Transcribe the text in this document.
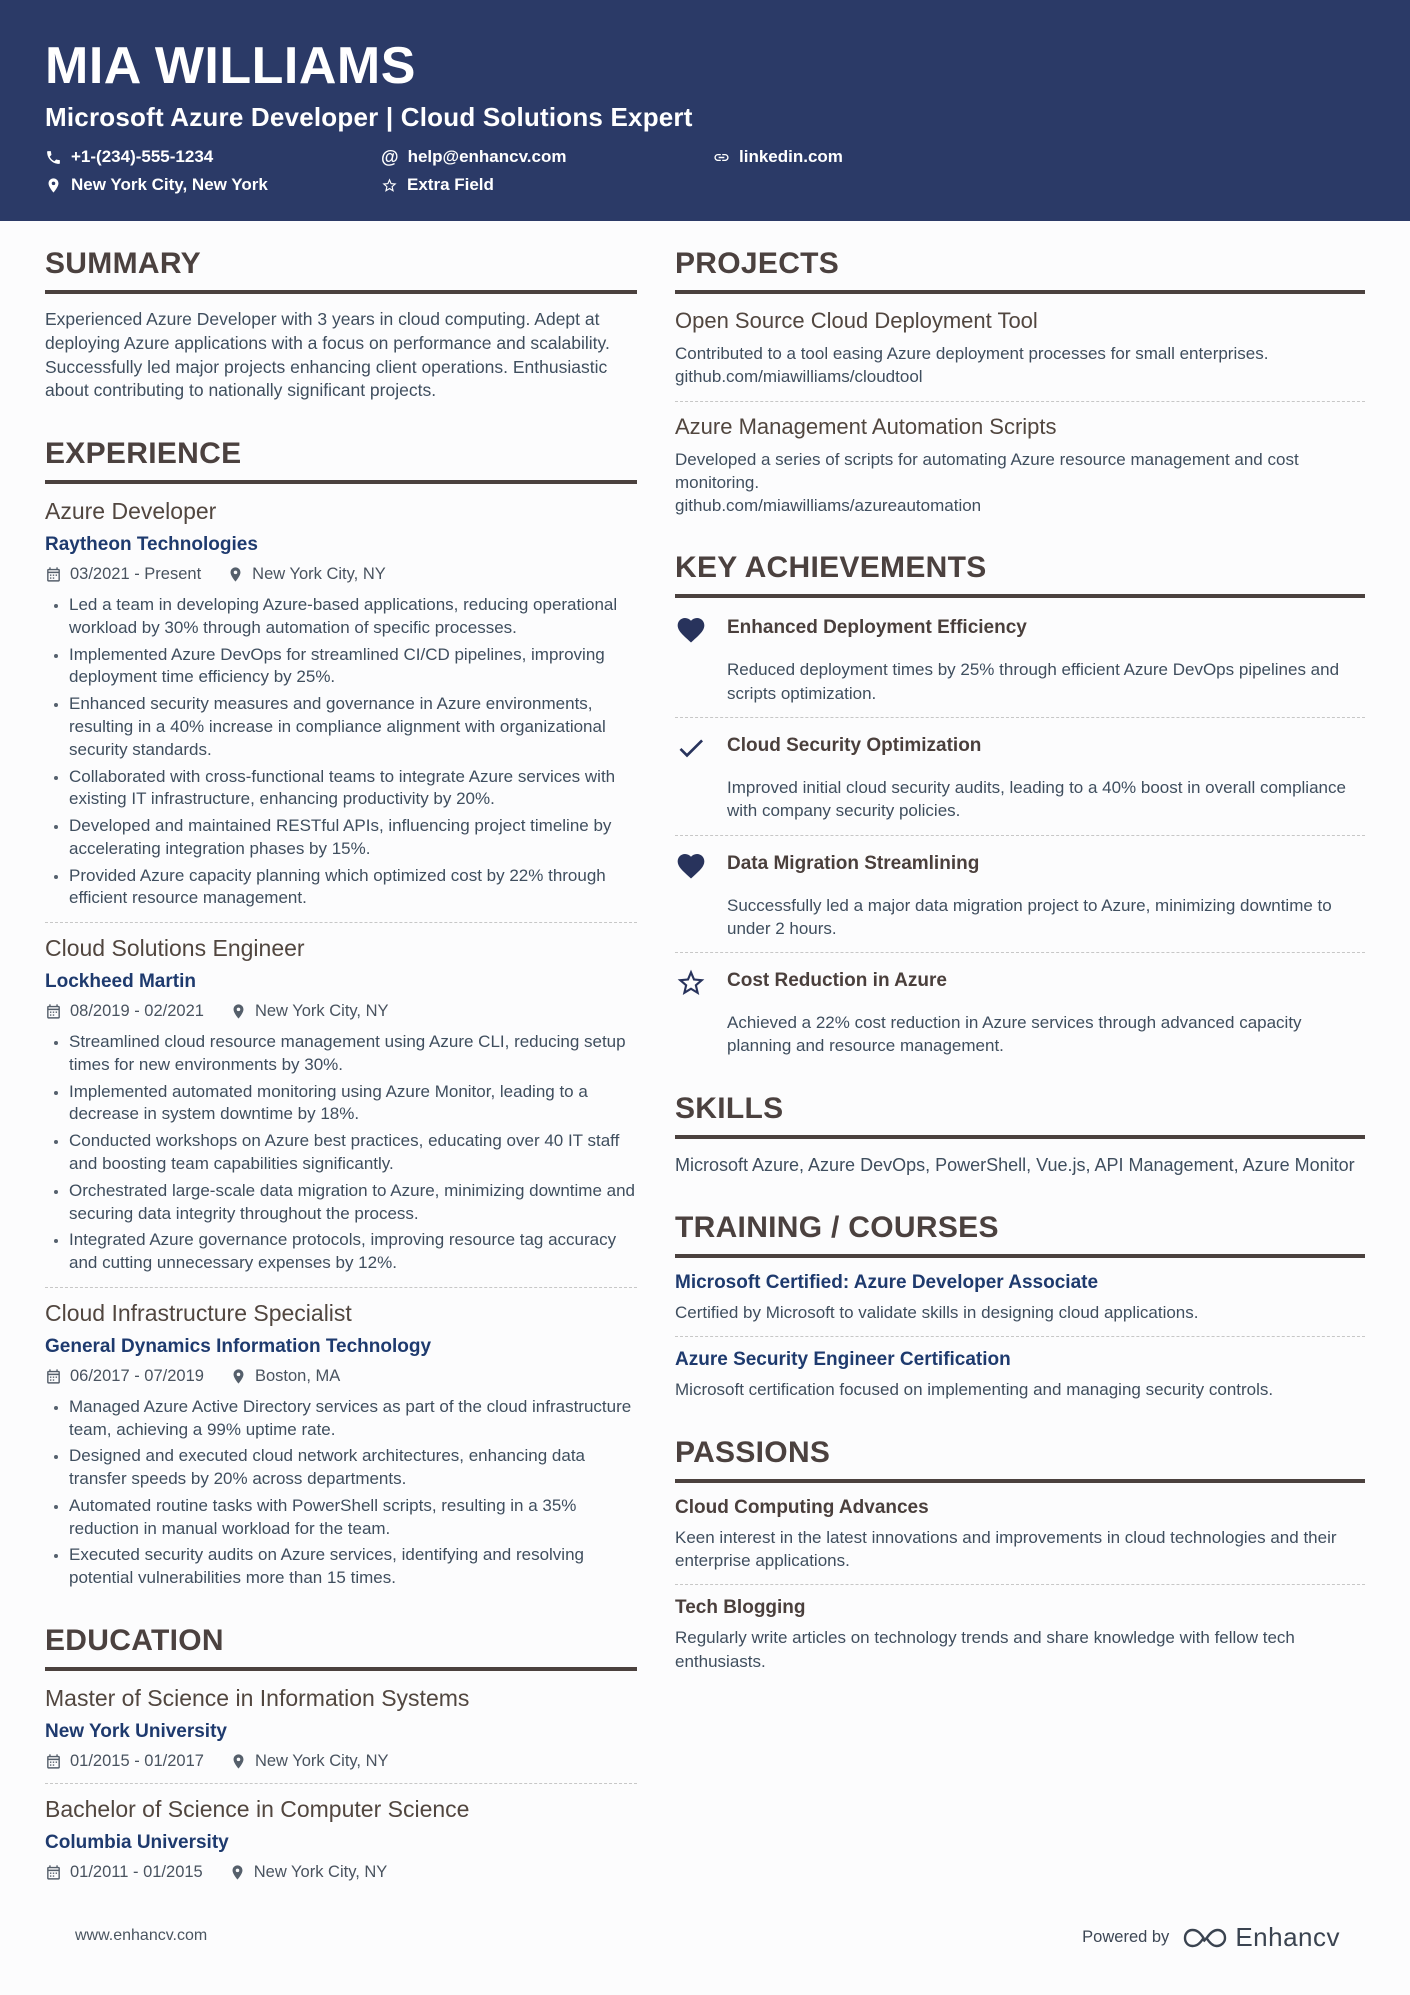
MIA WILLIAMS
Microsoft Azure Developer | Cloud Solutions Expert
+1-(234)-555-1234	@ help@enhancv.com	linkedin.com
New York City, New York	Extra Field
SUMMARY

Experienced Azure Developer with 3 years in cloud computing. Adept at deploying Azure applications with a focus on performance and scalability. Successfully led major projects enhancing client operations. Enthusiastic about contributing to nationally significant projects.

EXPERIENCE
Azure Developer
Raytheon Technologies
03/2021 - Present	New York City, NY
• Led a team in developing Azure-based applications, reducing operational workload by 30% through automation of specific processes.
• Implemented Azure DevOps for streamlined CI/CD pipelines, improving deployment time efficiency by 25%.
• Enhanced security measures and governance in Azure environments, resulting in a 40% increase in compliance alignment with organizational security standards.
• Collaborated with cross-functional teams to integrate Azure services with existing IT infrastructure, enhancing productivity by 20%.
• Developed and maintained RESTful APIs, influencing project timeline by accelerating integration phases by 15%.
• Provided Azure capacity planning which optimized cost by 22% through efficient resource management.
Cloud Solutions Engineer
Lockheed Martin
08/2019 - 02/2021	New York City, NY
• Streamlined cloud resource management using Azure CLI, reducing setup times for new environments by 30%.
• Implemented automated monitoring using Azure Monitor, leading to a decrease in system downtime by 18%.
• Conducted workshops on Azure best practices, educating over 40 IT staff and boosting team capabilities significantly.
• Orchestrated large-scale data migration to Azure, minimizing downtime and securing data integrity throughout the process.
• Integrated Azure governance protocols, improving resource tag accuracy and cutting unnecessary expenses by 12%.
Cloud Infrastructure Specialist
General Dynamics Information Technology
06/2017 - 07/2019	Boston, MA
• Managed Azure Active Directory services as part of the cloud infrastructure team, achieving a 99% uptime rate.
• Designed and executed cloud network architectures, enhancing data transfer speeds by 20% across departments.
• Automated routine tasks with PowerShell scripts, resulting in a 35% reduction in manual workload for the team.
• Executed security audits on Azure services, identifying and resolving potential vulnerabilities more than 15 times.
EDUCATION
Master of Science in Information Systems
New York University
01/2015 - 01/2017	New York City, NY
Bachelor of Science in Computer Science
Columbia University
01/2011 - 01/2015	New York City, NY
PROJECTS
Open Source Cloud Deployment Tool
Contributed to a tool easing Azure deployment processes for small enterprises.
github.com/miawilliams/cloudtool
Azure Management Automation Scripts
Developed a series of scripts for automating Azure resource management and cost monitoring.
github.com/miawilliams/azureautomation
KEY ACHIEVEMENTS
Enhanced Deployment Efficiency
Reduced deployment times by 25% through efficient Azure DevOps pipelines and scripts optimization.
Cloud Security Optimization
Improved initial cloud security audits, leading to a 40% boost in overall compliance with company security policies.
Data Migration Streamlining
Successfully led a major data migration project to Azure, minimizing downtime to under 2 hours.
Cost Reduction in Azure
Achieved a 22% cost reduction in Azure services through advanced capacity planning and resource management.
SKILLS
Microsoft Azure, Azure DevOps, PowerShell, Vue.js, API Management, Azure Monitor
TRAINING / COURSES
Microsoft Certified: Azure Developer Associate
Certified by Microsoft to validate skills in designing cloud applications.
Azure Security Engineer Certification
Microsoft certification focused on implementing and managing security controls.
PASSIONS
Cloud Computing Advances
Keen interest in the latest innovations and improvements in cloud technologies and their enterprise applications.
Tech Blogging
Regularly write articles on technology trends and share knowledge with fellow tech enthusiasts.
www.enhancv.com	Powered by	Enhancv
